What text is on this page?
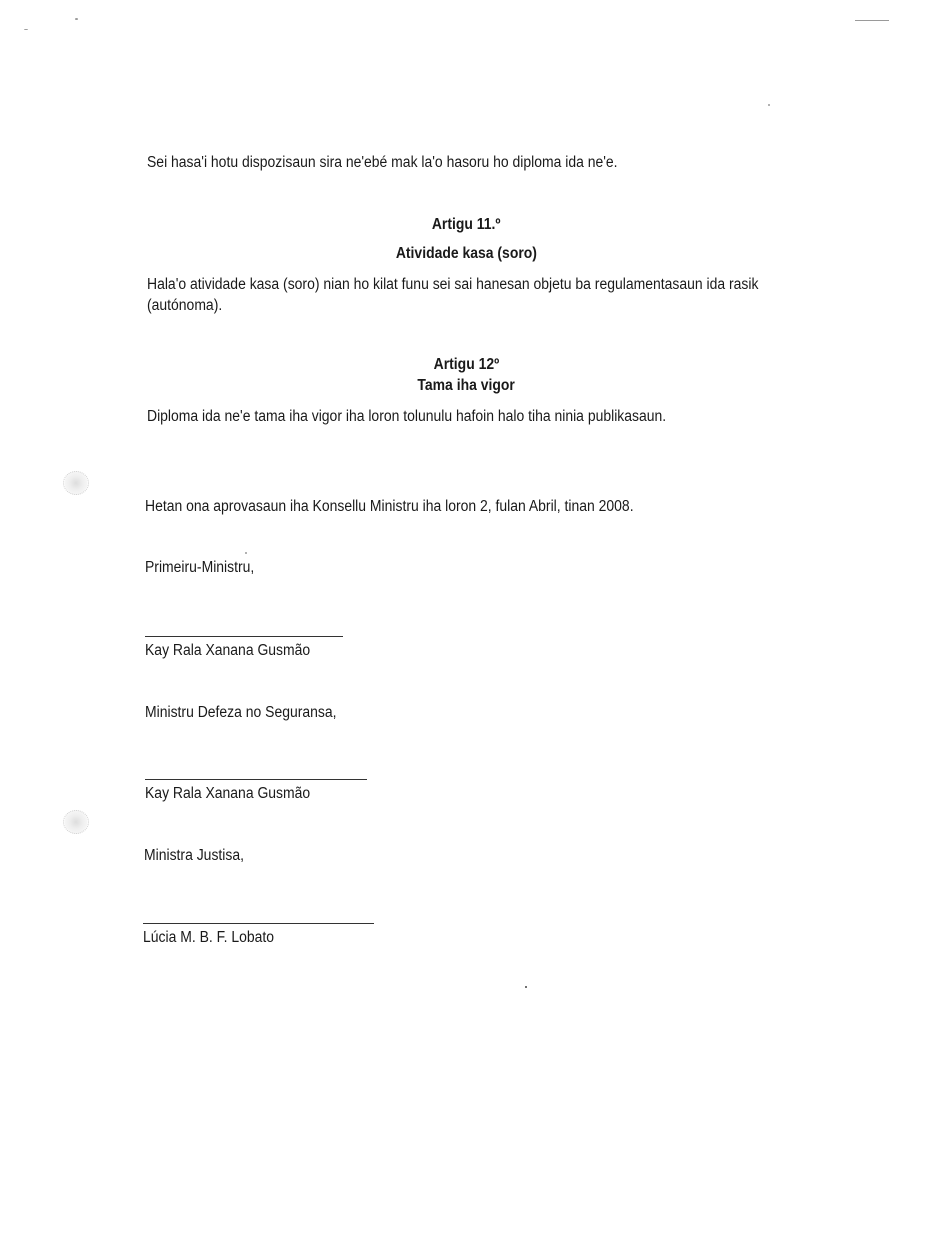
Sei hasa'i hotu dispozisaun sira ne'ebé mak la'o hasoru ho diploma ida ne'e.

Artigu 11.º

Atividade kasa (soro)

Hala'o atividade kasa (soro) nian ho kilat funu sei sai hanesan objetu ba regulamentasaun ida rasik

(autónoma).

Artigu 12º

Tama iha vigor

Diploma ida ne'e tama iha vigor iha loron tolunulu hafoin halo tiha ninia publikasaun.

Hetan ona aprovasaun iha Konsellu Ministru iha loron 2, fulan Abril, tinan 2008.

Primeiru-Ministru,

Kay Rala Xanana Gusmão

Ministru Defeza no Seguransa,

Kay Rala Xanana Gusmão

Ministra Justisa,

Lúcia M. B. F. Lobato
